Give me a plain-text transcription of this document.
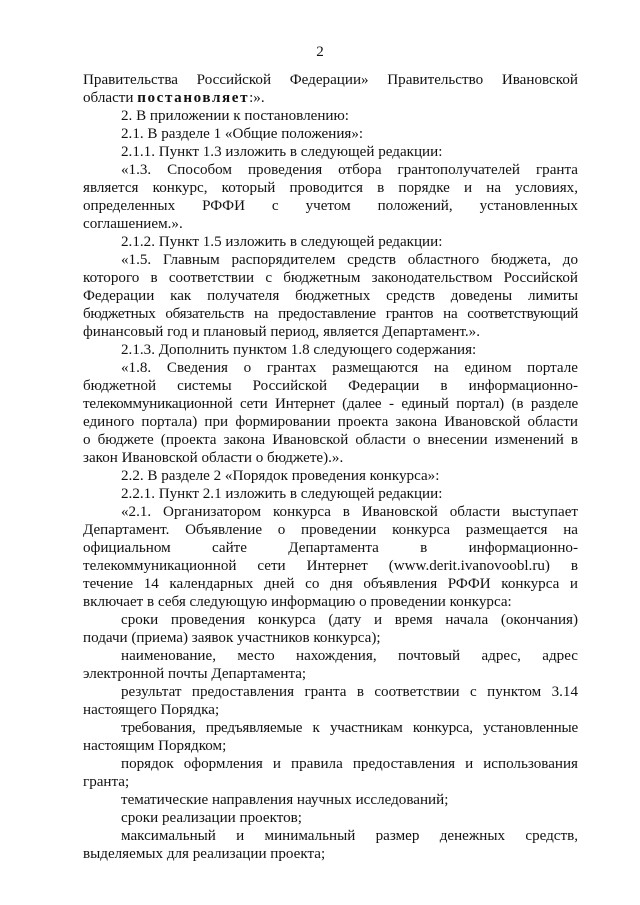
2
Правительства Российской Федерации» Правительство Ивановской
области постановляет:».
2. В приложении к постановлению:
2.1. В разделе 1 «Общие положения»:
2.1.1. Пункт 1.3 изложить в следующей редакции:
«1.3. Способом проведения отбора грантополучателей гранта
является конкурс, который проводится в порядке и на условиях,
определенных РФФИ с учетом положений, установленных
соглашением.».
2.1.2. Пункт 1.5 изложить в следующей редакции:
«1.5. Главным распорядителем средств областного бюджета, до
которого в соответствии с бюджетным законодательством Российской
Федерации как получателя бюджетных средств доведены лимиты
бюджетных обязательств на предоставление грантов на соответствующий
финансовый год и плановый период, является Департамент.».
2.1.3. Дополнить пунктом 1.8 следующего содержания:
«1.8. Сведения о грантах размещаются на едином портале
бюджетной системы Российской Федерации в информационно-
телекоммуникационной сети Интернет (далее - единый портал) (в разделе
единого портала) при формировании проекта закона Ивановской области
о бюджете (проекта закона Ивановской области о внесении изменений в
закон Ивановской области о бюджете).».
2.2. В разделе 2 «Порядок проведения конкурса»:
2.2.1. Пункт 2.1 изложить в следующей редакции:
«2.1. Организатором конкурса в Ивановской области выступает
Департамент. Объявление о проведении конкурса размещается на
официальном	сайте	Департамента	в	информационно-
телекоммуникационной сети Интернет (www.derit.ivanovoobl.ru) в
течение 14 календарных дней со дня объявления РФФИ конкурса и
включает в себя следующую информацию о проведении конкурса:
сроки проведения конкурса (дату и время начала (окончания)
подачи (приема) заявок участников конкурса);
наименование, место нахождения, почтовый адрес, адрес
электронной почты Департамента;
результат предоставления гранта в соответствии с пунктом 3.14
настоящего Порядка;
требования, предъявляемые к участникам конкурса, установленные
настоящим Порядком;
порядок оформления и правила предоставления и использования
гранта;
тематические направления научных исследований;
сроки реализации проектов;
максимальный и минимальный размер денежных средств,
выделяемых для реализации проекта;
